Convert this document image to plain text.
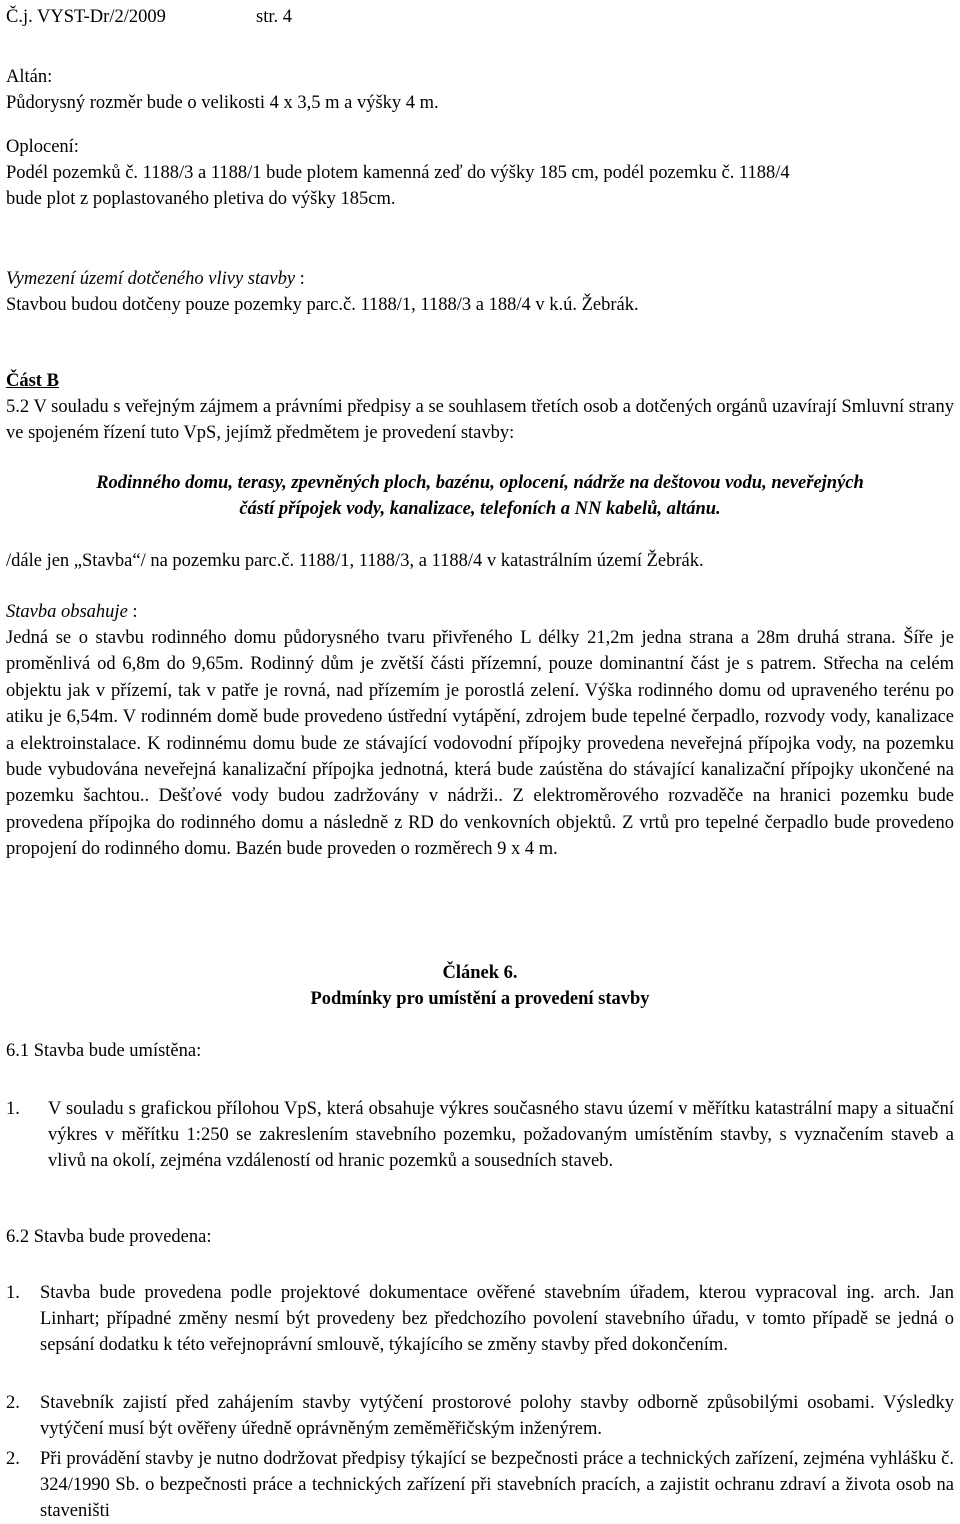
Č.j. VYST-Dr/2/2009	str. 4
Altán:
Půdorysný rozměr bude o velikosti 4 x 3,5 m a výšky 4 m.
Oplocení:
Podél pozemků č. 1188/3 a 1188/1 bude plotem kamenná zeď do výšky 185 cm, podél pozemku č. 1188/4
bude plot z poplastovaného pletiva do výšky 185cm.
Vymezení území dotčeného vlivy stavby :
Stavbou budou dotčeny pouze pozemky parc.č. 1188/1, 1188/3 a 188/4 v k.ú. Žebrák.
Část B
5.2 V souladu s veřejným zájmem a právními předpisy a se souhlasem třetích osob a dotčených orgánů uzavírají Smluvní strany ve spojeném řízení tuto VpS, jejímž předmětem je provedení stavby:
Rodinného domu, terasy, zpevněných ploch, bazénu, oplocení, nádrže na deštovou vodu, neveřejných
částí přípojek vody, kanalizace, telefoních a NN kabelů, altánu.
/dále jen „Stavba“/ na pozemku parc.č. 1188/1, 1188/3, a 1188/4 v katastrálním území Žebrák.
Stavba obsahuje :
Jedná se o stavbu rodinného domu půdorysného tvaru přivřeného L délky 21,2m jedna strana a 28m druhá strana. Šíře je proměnlivá od 6,8m do 9,65m. Rodinný dům je zvětší části přízemní, pouze dominantní část je s patrem. Střecha na celém objektu jak v přízemí, tak v patře je rovná, nad přízemím je porostlá zelení. Výška rodinného domu od upraveného terénu po atiku je 6,54m. V rodinném domě bude provedeno ústřední vytápění, zdrojem bude tepelné čerpadlo, rozvody vody, kanalizace a elektroinstalace. K rodinnému domu bude ze stávající vodovodní přípojky provedena neveřejná přípojka vody, na pozemku bude vybudována neveřejná kanalizační přípojka jednotná, která bude zaústěna do stávající kanalizační přípojky ukončené na pozemku šachtou.. Dešťové vody budou zadržovány v nádrži.. Z elektroměrového rozvaděče na hranici pozemku bude provedena přípojka do rodinného domu a následně z RD do venkovních objektů. Z vrtů pro tepelné čerpadlo bude provedeno propojení do rodinného domu. Bazén bude proveden o rozměrech 9 x 4 m.
Článek 6.
Podmínky pro umístění a provedení stavby
6.1 Stavba bude umístěna:
1. V souladu s grafickou přílohou VpS, která obsahuje výkres současného stavu území v měřítku katastrální mapy a situační výkres v měřítku 1:250 se zakreslením stavebního pozemku, požadovaným umístěním stavby, s vyznačením staveb a vlivů na okolí, zejména vzdáleností od hranic pozemků a sousedních staveb.
6.2 Stavba bude provedena:
1. Stavba bude provedena podle projektové dokumentace ověřené stavebním úřadem, kterou vypracoval ing. arch. Jan Linhart; případné změny nesmí být provedeny bez předchozího povolení stavebního úřadu, v tomto případě se jedná o sepsání dodatku k této veřejnoprávní smlouvě, týkajícího se změny stavby před dokončením.
2. Stavebník zajistí před zahájením stavby vytýčení prostorové polohy stavby odborně způsobilými osobami. Výsledky vytýčení musí být ověřeny úředně oprávněným zeměměřičským inženýrem.
2. Při provádění stavby je nutno dodržovat předpisy týkající se bezpečnosti práce a technických zařízení, zejména vyhlášku č. 324/1990 Sb. o bezpečnosti práce a technických zařízení při stavebních pracích, a zajistit ochranu zdraví a života osob na staveništi
